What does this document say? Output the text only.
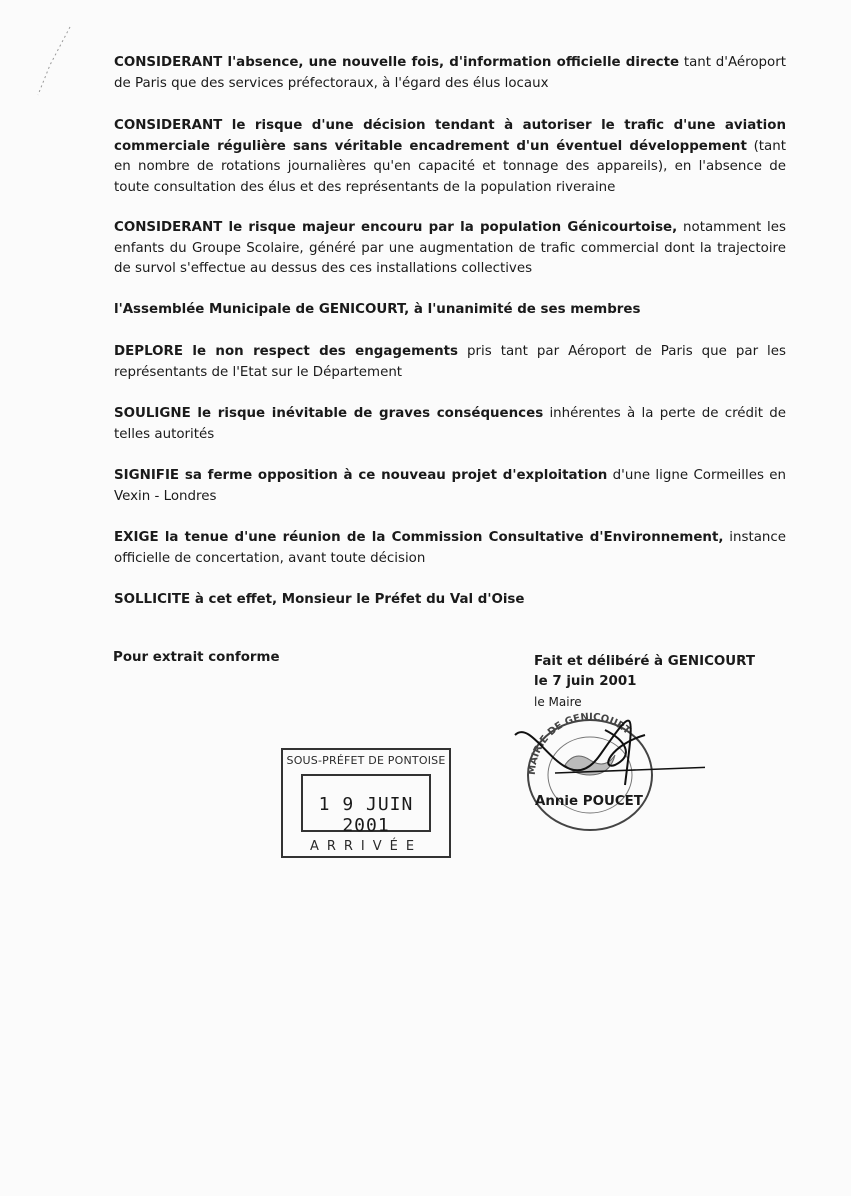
CONSIDERANT l'absence, une nouvelle fois, d'information officielle directe tant d'Aéroport de Paris que des services préfectoraux, à l'égard des élus locaux

CONSIDERANT le risque d'une décision tendant à autoriser le trafic d'une aviation commerciale régulière sans véritable encadrement d'un éventuel développement (tant en nombre de rotations journalières qu'en capacité et tonnage des appareils), en l'absence de toute consultation des élus et des représentants de la population riveraine

CONSIDERANT le risque majeur encouru par la population Génicourtoise, notamment les enfants du Groupe Scolaire, généré par une augmentation de trafic commercial dont la trajectoire de survol s'effectue au dessus des ces installations collectives

l'Assemblée Municipale de GENICOURT, à l'unanimité de ses membres

DEPLORE le non respect des engagements pris tant par Aéroport de Paris que par les représentants de l'Etat sur le Département

SOULIGNE le risque inévitable de graves conséquences inhérentes à la perte de crédit de telles autorités

SIGNIFIE sa ferme opposition à ce nouveau projet d'exploitation d'une ligne Cormeilles en Vexin - Londres

EXIGE la tenue d'une réunion de la Commission Consultative d'Environnement, instance officielle de concertation, avant toute décision

SOLLICITE à cet effet, Monsieur le Préfet du Val d'Oise

Pour extrait conforme	Fait et délibéré à GENICOURT
le 7 juin 2001
le Maire
MAIRIE DE GENICOURT
Annie POUCET
SOUS-PRÉFET DE PONTOISE
1 9 JUIN 2001
ARRIVÉE
